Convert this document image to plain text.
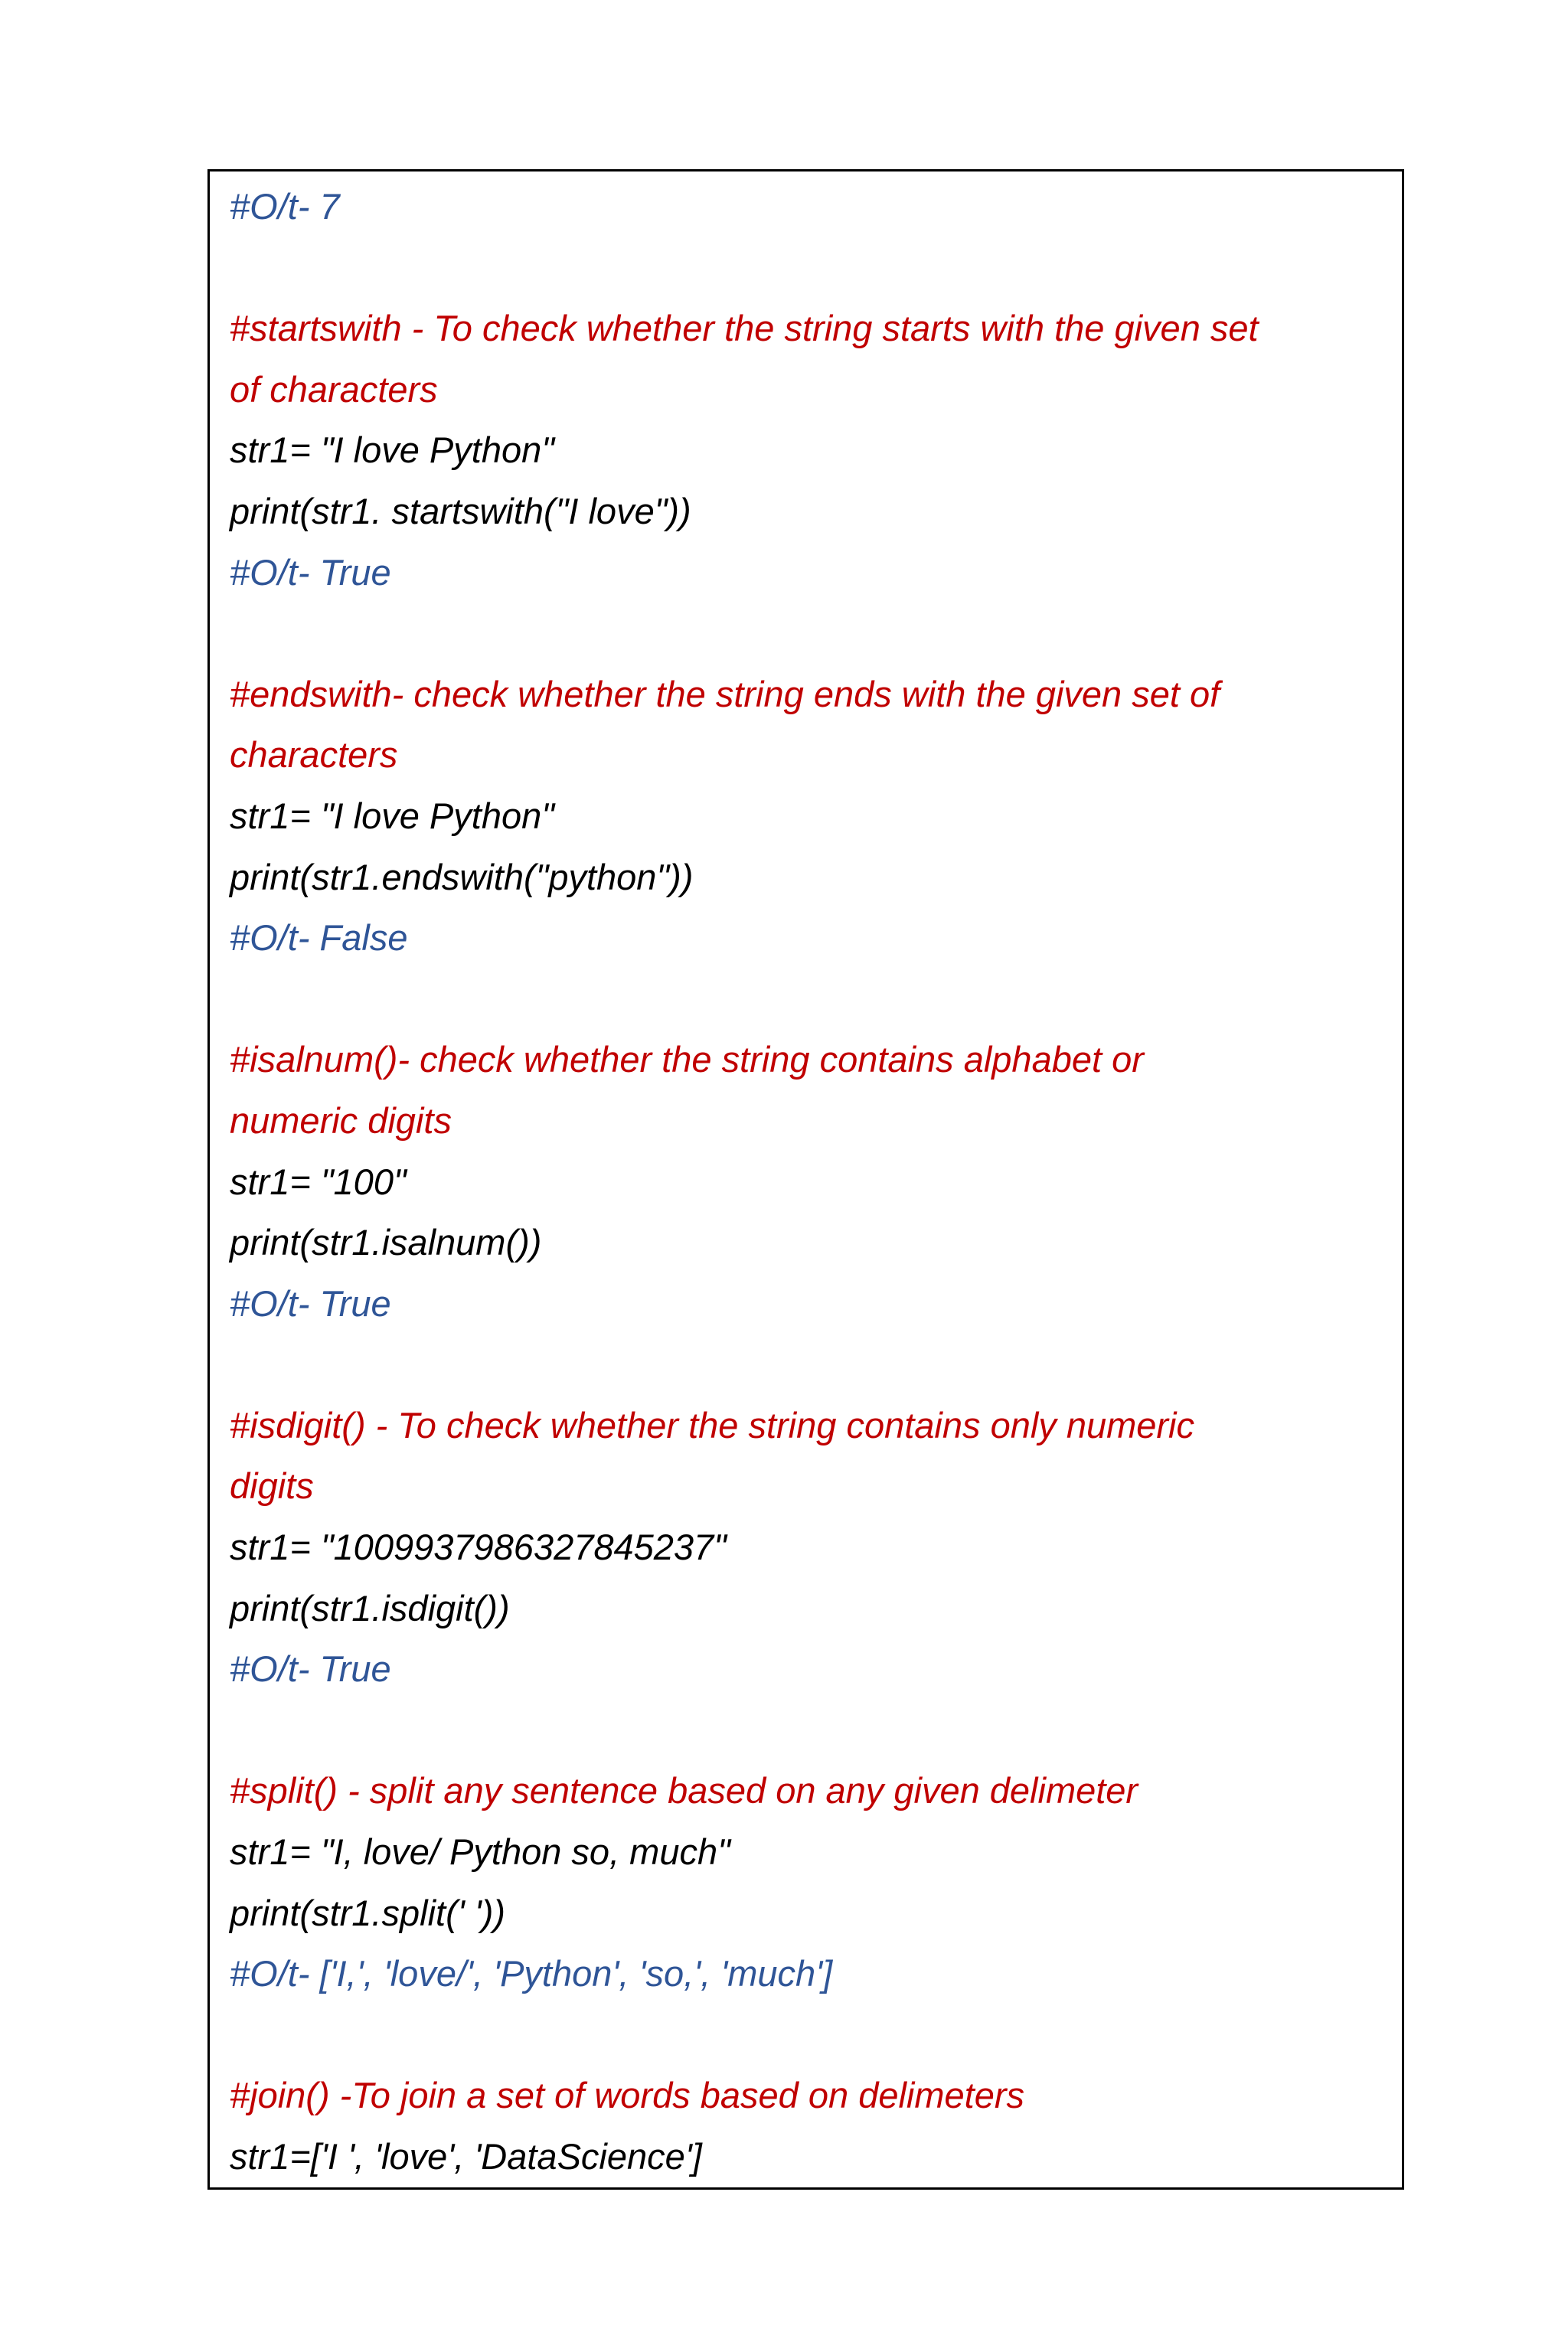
#O/t- 7
#startswith - To check whether the string starts with the given set
of characters
str1= "I love Python"
print(str1. startswith("I love"))
#O/t- True
#endswith- check whether the string ends with the given set of
characters
str1= "I love Python"
print(str1.endswith("python"))
#O/t- False
#isalnum()- check whether the string contains alphabet or
numeric digits
str1= "100"
print(str1.isalnum())
#O/t- True
#isdigit() - To check whether the string contains only numeric
digits
str1= "1009937986327845237"
print(str1.isdigit())
#O/t- True
#split() - split any sentence based on any given delimeter
str1= "I, love/ Python so, much"
print(str1.split(' '))
#O/t- ['I,', 'love/', 'Python', 'so,', 'much']
#join() -To join a set of words based on delimeters
str1=['I ', 'love', 'DataScience']
